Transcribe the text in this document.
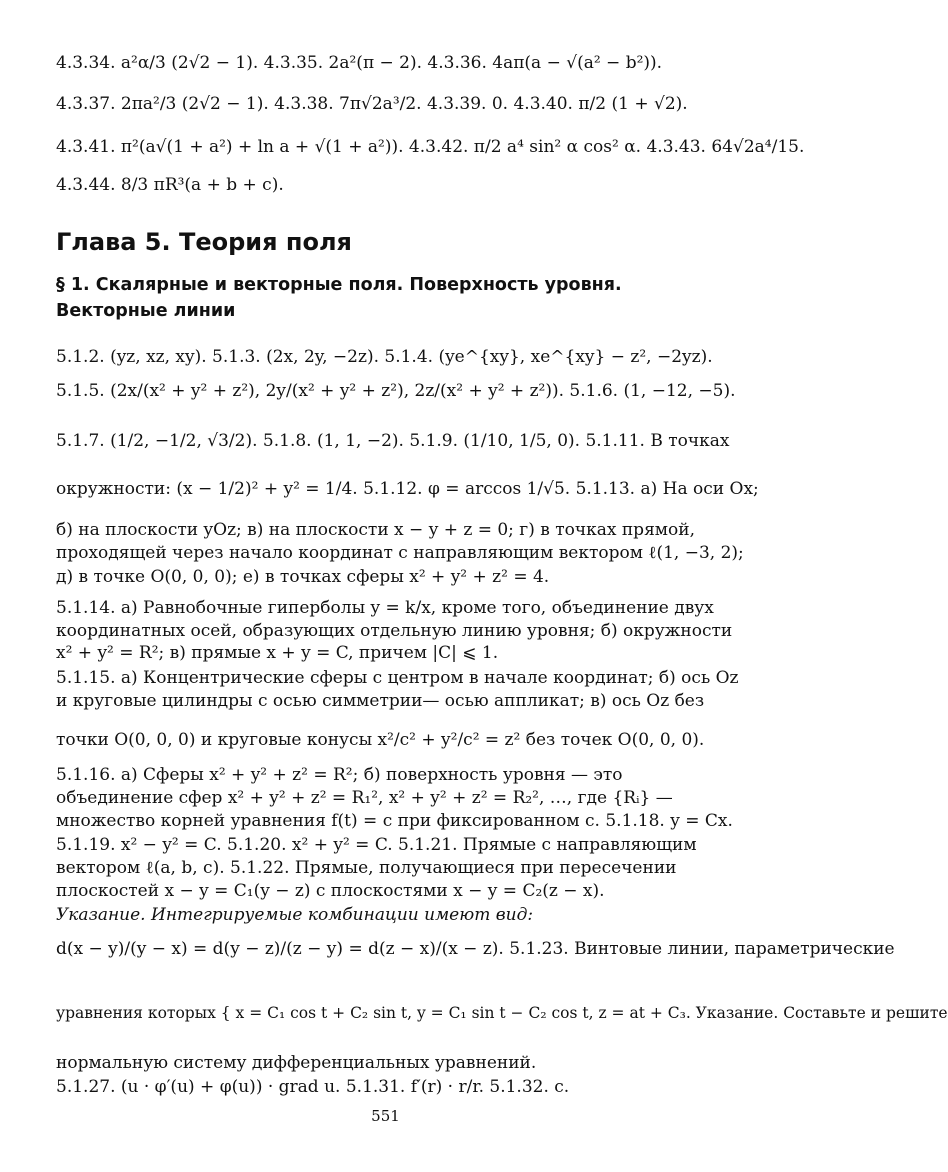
4.3.34. a²α/3 (2√2 − 1). 4.3.35. 2a²(π − 2). 4.3.36. 4aπ(a − √(a² − b²)).
4.3.37. 2πa²/3 (2√2 − 1). 4.3.38. 7π√2a³/2. 4.3.39. 0. 4.3.40. π/2 (1 + √2).
4.3.41. π²(a√(1 + a²) + ln a + √(1 + a²)). 4.3.42. π/2 a⁴ sin² α cos² α. 4.3.43. 64√2a⁴/15.
4.3.44. 8/3 πR³(a + b + c).
Глава 5. Теория поля
§ 1. Скалярные и векторные поля. Поверхность уровня. Векторные линии
5.1.2. (yz, xz, xy). 5.1.3. (2x, 2y, −2z). 5.1.4. (ye^{xy}, xe^{xy} − z², −2yz).
5.1.5. (2x/(x² + y² + z²), 2y/(x² + y² + z²), 2z/(x² + y² + z²)). 5.1.6. (1, −12, −5).
5.1.7. (1/2, −1/2, √3/2). 5.1.8. (1, 1, −2). 5.1.9. (1/10, 1/5, 0). 5.1.11. В точках
окружности: (x − 1/2)² + y² = 1/4. 5.1.12. φ = arccos 1/√5. 5.1.13. а) На оси Ox;
б) на плоскости yOz; в) на плоскости x − y + z = 0; г) в точках прямой,
проходящей через начало координат с направляющим вектором ℓ(1, −3, 2);
д) в точке O(0, 0, 0); е) в точках сферы x² + y² + z² = 4.
5.1.14. а) Равнобочные гиперболы y = k/x, кроме того, объединение двух
координатных осей, образующих отдельную линию уровня; б) окружности
x² + y² = R²; в) прямые x + y = C, причем |C| ⩽ 1.
5.1.15. а) Концентрические сферы с центром в начале координат; б) ось Oz
и круговые цилиндры с осью симметрии— осью аппликат; в) ось Oz без
точки O(0, 0, 0) и круговые конусы x²/c² + y²/c² = z² без точек O(0, 0, 0).
5.1.16. а) Сферы x² + y² + z² = R²; б) поверхность уровня — это
объединение сфер x² + y² + z² = R₁², x² + y² + z² = R₂², …, где {Rᵢ} —
множество корней уравнения f(t) = c при фиксированном c. 5.1.18. y = Cx.
5.1.19. x² − y² = C. 5.1.20. x² + y² = C. 5.1.21. Прямые с направляющим
вектором ℓ(a, b, c). 5.1.22. Прямые, получающиеся при пересечении
плоскостей x − y = C₁(y − z) с плоскостями x − y = C₂(z − x).
Указание. Интегрируемые комбинации имеют вид:
d(x − y)/(y − x) = d(y − z)/(z − y) = d(z − x)/(x − z). 5.1.23. Винтовые линии, параметрические
уравнения которых { x = C₁ cos t + C₂ sin t, y = C₁ sin t − C₂ cos t, z = at + C₃. Указание. Составьте и решите
нормальную систему дифференциальных уравнений.
5.1.27. (u · φ′(u) + φ(u)) · grad u. 5.1.31. f′(r) · r/r. 5.1.32. c.
551
